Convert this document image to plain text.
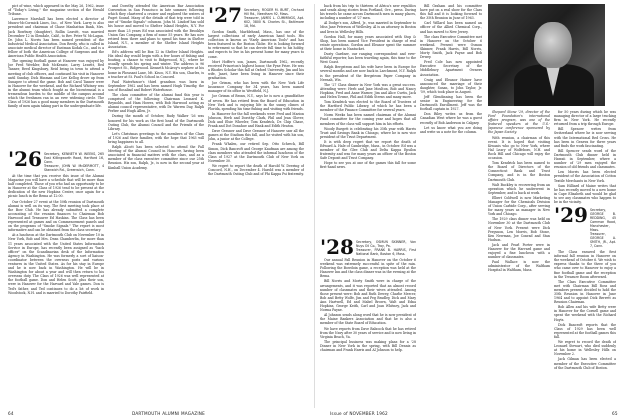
pict of wine, which appeared in the May 26, 1962, issue of "Today's Living," the magazine section of the Herald Tribune.

Lawrence Marshall has been elected a director of Munro-McCormick Lines, Inc., of New York. Larry is also president and chairman of Chase Manhattan Bank, Mrs. Jack Rowbury (daughter), Rollin Leavitt, was married December 12 in Glendale, Calif., to Rev. Peter W. McLagan. Dr. John L. Norris has been named president of the Industrial Medical Association. Don Reedy, who is called in associate medical director of Eastman Kodak Co., and is a fellow of both the American College of Surgeons and the American Public Health Association.

The opening football game at Hanover was enjoyed by Joe Fred Weekler, Bob McKenzie, Larry Leavitt, Red Tanner, Reed Kingsbury, Reid being in town to attend a meeting of club officers, and continued his visit in Hanover until Sunday. Dick Hinman and Lee Kellog drove up from Sunapee to attend the game. Bob and Carol Tanner were in Hanover for the weekend, and the Richard Whitney was in the alumni team which fought as the bicentennial is a tremendous burden to the middle of the campus around which the freshmen ran in an ever widening circle. The Class of 1926 has a good many members in the Dartmouth family of men again taking part in the undergraduate life.

'26 Secretary, KENNETH W. WEEKS, 265 East Killingworth Road, Hartford 16, Conn.
Treasurer, JOHN W. McDERMOTT, 4 Stanwich Rd., Greenwich, Conn.

At the time that you receive this issue of the Alumni Magazine you will have a schedule that will be more than half completed. Those of you who had an opportunity to be in Hanover at the Class of 1926 tend to be present at the dedication of the new Hopkins Center, once again for a picnic lunch in the Bema at 12:00.

Our October 27 event at the 50th reunion of Dartmouth alumni is well on its way. The first meeting took place at the Bow Club. He has already submitted a complete accounting of the reunion finances to Chairman Bob Harwood and Treasurer Ed Haskins. The Class has been represented at games and on Commencement panels and on the programs of "Smoke Signals." The report is most informative and can be obtained from the class secretary.

At a luncheon at the Dartmouth Club on November 10 in New York, Bob and Mrs. Dean Chamberlin, for more than 11 years associated with the United States Information Service in Europe, has recently been assigned as "back officer" on the Scandinavian desk of the Information Agency in Washington. He was formerly a sort of liaison-coordinator between the overseas posts and various ventures in the United States. As for his stay in Europe and he is now back in Washington. He will be in Washington for about a year and will then return to his overseas duty. The Class of 1926 was well represented at the football game. Don and Helen Scott, plus their son, were in Hanover for the Harvard and Yale games. Don is Ted's father, and Ted continues to do a lot of work in Woodstock, N.H. and is married to Dorothy Fairfield.

and Dorothy attended the American Bar Association Convention in San Francisco in late summer, following which they chartered a cruiser and explored the waters of Puget Sound. Many of the details of that trip were told in one of "Smoke Signals" columns. John M. Lindorf has sold his house and moved to Shelter Island Heights, N.Y. For more than 25 years Ed was associated with the Brooklyn Union Gas Company, a firm of some 55 years. He has now retired from there and plans to spend his time in Shelter Island, N.Y., a member of the Shelter Island Heights Association.

Ed's address will be Box 12 in Shelter Island Heights. His ideal day would begin with a few hours of fishing and boating, a chance to visit to Ridgewood, N.J., where he usually spends his spring and winter. The address is 96 Prospect St., Ridgewood. Kenneth McAvoy's nephew at his home in Pheasant Lane, Mt. Kisco, N.Y. His son, Charles, is a teacher at St. Paul's School in Concord.

Paul Waterhouse's third grandson was born in September 1962 and has been named Hugh Timothy, the son of Rosalind and Robert Waterhouse.

The class committee of the alumni fund this year is comprised of the following: Chairman Leonard K. Reynolds, and Ham Howes, with Bob Harwood acting as alumni council representative, with Dr. Warren Day, Ralph Ferber and Hugh Allen, Jr.

During the month of October, Rudy Walker '26 was honored for his work as the first head of the Dartmouth Outing Club, the Alumni Council and the Friends of the Library.

Let's Christmas greetings to the members of the Class of 1926 and their families, with the hope that 1963 will bring happiness to all.

Ralph Alcott has been selected to attend the Fall Meeting of the Alumni Council in Hanover, having been associated in financial matters with the class, and as a member of the class executive committee since our 25th Reunion. His son, Ralph, Jr., is now in the second year at Kimball Union Academy.

'27 Secretary, ROGER M. BURT, Orchard Hill Rd., Needham 92, Mass.
Treasurer, JAMES L. CUMMINGS, Apt. 602, 3800 N. Charles St., Baltimore 18, Md.

Gordon Smith, Marblehead, Mass., has one of the largest collections of early American hand tools. His collection is known as "Early American Tools" and has been featured in the Boston Globe. He is looking forward to retirement so that he can devote full time to his hobby, and expects to live in his present home for many years to come.

Mort Hoffer's son, James, Dartmouth 1962, recently received Princeton's highest honor, the Pyne Prize. He was a Rhodes Scholar this fall at Oxford University. Jim and his wife, Janet, have been living in Hanover since their graduation.

Joe Grimm, who has been with the New York Life Insurance Company for 34 years, has been named manager of its office in Westfield, N.J.

Joe Grimm of Bronx, N.Y., says he is now a grandfather of seven. He has retired from the Board of Education in New York and is enjoying life in the sunny climes of Florida, spending his time fishing and visiting with friends.

In Hanover for the fall weekends were Fred and Marion Johnson, Herb and Dorothy Clark, Phil and Jean Glover, Dick and Elsie Wheeler, Tom Kendrick, Dr. Chip Chase, Frank and Dot Donahue and Hank and Edith Heaton.

Dave Gessner and Dave Gessner of Hanover saw all the games at the Stadium this fall, and he visited with his son, John, a junior at the College.

Frank Whalen, our retired Sep. Otto Schreck, Bill Simon, Dick Bancroft and George Kaufman are among the class members who attended the informal luncheon of the Class of 1927 at the Dartmouth Club of New York on November 30.

We regret to report the death of Harold W. Deering of Concord, N.H., on December 4. Harold was a member of the Dartmouth Outing Club and of Phi Kappa Psi fraternity.

64	DARTMOUTH ALUMNI MAGAZINE

back from his trip to thirteen of Africa's new republics and sends along stories from Portland, Ore., press. During his travels he came across Dartmouth men in many places, including a number of '27 men.

Al Dodge's son, Alfred, Jr., was married in September to Miss Jane Peterson of Wellesley. Al is an attorney in Boston and lives in Wellesley Hills.

Gordon Hall, for many years associated with Stop & Shop, has been named Vice President in charge of real estate operations. Gordon and Eleanor spent the summer at their home in Nantucket.

Dusty Gardner, our ranging correspondent and ever-faithful reporter, has been traveling again, this time to the West Coast.

Ralph Bergstrom and his wife have been in Europe for several months and are now back in Larchmont, N.Y. Ralph is the president of the Bergstrom Paper Company in Neenah, Wis.

The '27 Class dinner in New York was a great success. Attending were: Herb and Jane Moulton, Bob and Nancy Hopkins, Fred and Anne Warner, Jim and Alice Curtis, Jack and Helen Towne, Phil and Edith Sterns and many more.

Tom Kendrick was elected to the Board of Trustees of the Hartford Public Library, of which he has been a member of the Finance Committee for several years.

Norm Weeks has been named chairman of the Alumni Fund committee for the coming year and hopes that all members of the class will support him in his efforts.

Woody Burgett is celebrating his 35th year with Harris Trust and Savings Bank in Chicago, where he is now vice president of the Trust Department.

It is with deep regret that we report the death of Edward A. Hale of Cambridge, Mass., in October. Ed was a member of the Glee Club and Delta Kappa Epsilon fraternity and was for many years an officer of the Boston Safe Deposit and Trust Company.

Hope to see you at one of the games this fall for some first-hand news.

'28 Secretary, OSMUN SKINNER, Van Nuys Oil Co., Troy, Pa.
Treasurer, FRANK B. HARRIS, First National Bank, Boston 6, Mass.

Our annual Fall Reunion in Hanover on the October 6 weekend was extremely successful in spite of the rain. Following the Bowdoin game, a reception was held at the Hanover Inn and the class dinner was in the evening at the Bema.

Bill Norris and Morty Smith were in charge of the arrangements, and it was reported that an almost record number of classmates and their wives attended. Among those present were: Bob and Ruth Dewey, Charlie Mercer, Bob and Betty Wolfe, Jim and Peg Bradley, Dick and Mary Ann Hartwell, Ed and Mabel Brown, Walt and Edna Hopkins, George Keith, Carl and Joan Whitney, Jack and Norma Payne.

Al Johnson sends along word that he is now president of the Maine Bankers Association and that he is also a member of the State Board of Education.

We have reports from Dave Babcock that he has retired from the Navy after 30 years of service and is now living in Virginia Beach, Va.

The principal business was making plans for a '28 Dinner in New York in the spring, with Bill Dennis as chairman and Frank Harris and Al Johnson to help.

Bill Graham and his committee have put on a real show for the Class this fall and it is looking forward to the 35th Reunion in June of 1963.

Carl Willard has been named an officer of the Allied Chemical Corp., and has moved to New Jersey.

The class Executive Committee met in Hanover on the October 6 weekend. Present were Osmun Skinner, Frank Harris, Bill Norris, Morty Smith, Jack Payne and Bob Dewey.

Fred Cole has now appointed Executive Secretary of the Middlebury Apartment Owners Association.

Craig and Eleanor Hainer have announced the marriage of their daughter, Susan, to John Taylor, Jr. '59, which took place in August.

Jeff Glendinning has been the senior in Engineering for the Dartmouth Enrollment. Jeff was the football captain in 1927.

Don Riley writes us from the Canadian West where he was a guest recently of Bob Anderson in Calgary.

Let us know what you are doing and write us a note for the column.

Shepard Stone '29, director of the Ford Foundation's international affairs program, was one of the featured speakers at the U.S.-Japanese conference sponsored by the Japan Society.

With reunion, a chairman of this event. It is hoped that visiting Kiwanis who go to New York, where Hal Leary of Wolfeboro, N.H. and Rock Hill and Chicago will enjoy the occasion.

Tom Kendrick has been named to the Board of Directors of the Connecticut Bank and Trust Company, and is in the Boston Dartmouth Club.

Walt Buckley is recovering from an operation which he underwent in September, and is back at work.

Elbert Coldwell is now Marketing Manager for the Chemicals Division of Union Carbide Corp., after serving for many years as manager in New York and Chicago.

The 1929 class dinner was held on November 30 at the Dartmouth Club of New York. Present were Dick Ferguson, Len Morris, Bob Stone, Ken Newman, Joe Conrad and Stan Hudson.

Jack and Pearl Porter were in Hanover for the Harvard game and enjoyed a fine luncheon with a number of classmates.

Paul Wallace is now the administrator of the Waltham Hospital in Waltham, Mass.

for 50 years during which he was managing director of a large trucking firm in New York. He recently returned from a trip through Europe.

Bill Spencer writes from Switzerland where he is now serving with the International Red Cross. He has been in Geneva for three years and finds the work fascinating.

Bill Spencer sends word of the Dartmouth Club dinner held in Hawaii in September, where a number of '29 men enjoyed the reunion of old friends and classmates.

Len Morris has been elected president of the Association of Cotton Textile Merchants in New York.

Sam Hilliard of Maine writes that he has recently moved to a new home in Cape Elizabeth and would be glad to see any classmates who happen to be in the vicinity.

'29 Secretary, GEORGE B. REDDING, 45 Common Road, Manchester, Mass.
Treasurer, GEORGE A. SMITH, JR., Apt. 7, Conn.

The Class ensured the first informal fall reunion in Hanover on the weekend of October 6. We wish to express thanks to the three of you who came over to Hanover to enjoy a fine football game and the reception in the Treasure Room afterward.

The Class Executive Committee met with Chairman Bill Ross and members present decided to hold the 35th Reunion in Hanover in June 1964 and to appoint Dick Berrett as Reunion Chairman.

Bob Allen and his wife Betty were in Hanover for the Cornell game and spent the weekend with the Richard Hoyts.

Dick Bancroft reports that the Class of 1929 has been well represented at the football games this fall.

We regret to record the death of Leonard Stewart, who died suddenly at his home in Wellesley Hills on November 2.

Jack Gilman has been elected a member of the Executive Committee of the Dartmouth Club of Boston.

Issue of NOVEMBER 1962	65
